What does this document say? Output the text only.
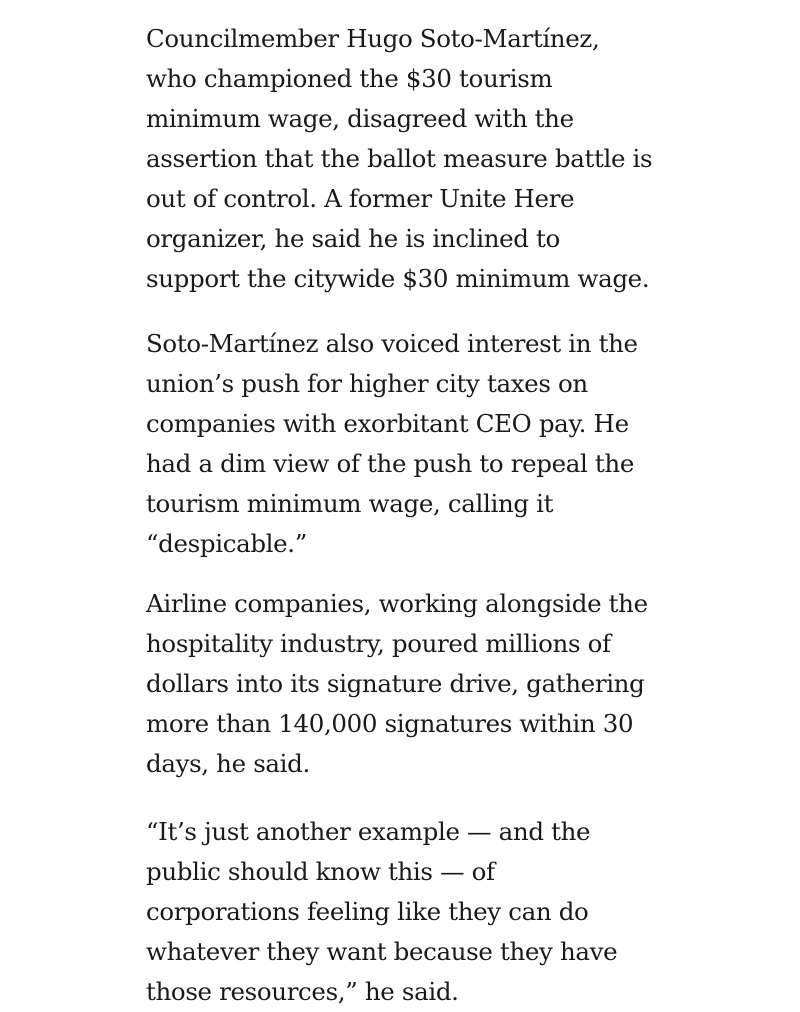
Councilmember Hugo Soto-Martínez,
who championed the $30 tourism
minimum wage, disagreed with the
assertion that the ballot measure battle is
out of control. A former Unite Here
organizer, he said he is inclined to
support the citywide $30 minimum wage.

Soto-Martínez also voiced interest in the
union’s push for higher city taxes on
companies with exorbitant CEO pay. He
had a dim view of the push to repeal the
tourism minimum wage, calling it
“despicable.”

Airline companies, working alongside the
hospitality industry, poured millions of
dollars into its signature drive, gathering
more than 140,000 signatures within 30
days, he said.

“It’s just another example — and the
public should know this — of
corporations feeling like they can do
whatever they want because they have
those resources,” he said.
